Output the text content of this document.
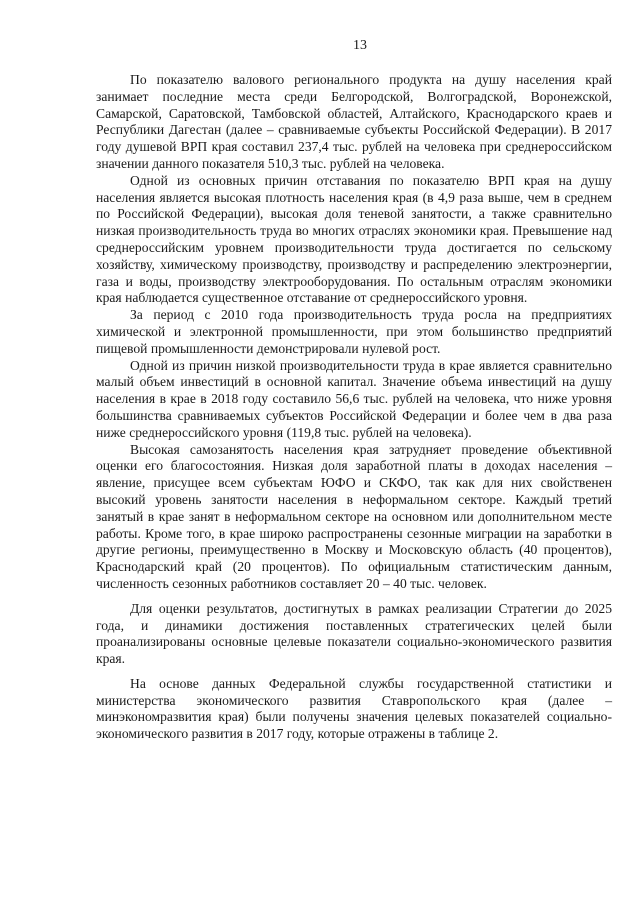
13

По показателю валового регионального продукта на душу населения край занимает последние места среди Белгородской, Волгоградской, Воронежской, Самарской, Саратовской, Тамбовской областей, Алтайского, Краснодарского краев и Республики Дагестан (далее – сравниваемые субъекты Российской Федерации). В 2017 году душевой ВРП края составил 237,4 тыс. рублей на человека при среднероссийском значении данного показателя 510,3 тыс. рублей на человека.

Одной из основных причин отставания по показателю ВРП края на душу населения является высокая плотность населения края (в 4,9 раза выше, чем в среднем по Российской Федерации), высокая доля теневой занятости, а также сравнительно низкая производительность труда во многих отраслях экономики края. Превышение над среднероссийским уровнем производительности труда достигается по сельскому хозяйству, химическому производству, производству и распределению электроэнергии, газа и воды, производству электрооборудования. По остальным отраслям экономики края наблюдается существенное отставание от среднероссийского уровня.

За период с 2010 года производительность труда росла на предприятиях химической и электронной промышленности, при этом большинство предприятий пищевой промышленности демонстрировали нулевой рост.

Одной из причин низкой производительности труда в крае является сравнительно малый объем инвестиций в основной капитал. Значение объема инвестиций на душу населения в крае в 2018 году составило 56,6 тыс. рублей на человека, что ниже уровня большинства сравниваемых субъектов Российской Федерации и более чем в два раза ниже среднероссийского уровня (119,8 тыс. рублей на человека).

Высокая самозанятость населения края затрудняет проведение объективной оценки его благосостояния. Низкая доля заработной платы в доходах населения – явление, присущее всем субъектам ЮФО и СКФО, так как для них свойственен высокий уровень занятости населения в неформальном секторе. Каждый третий занятый в крае занят в неформальном секторе на основном или дополнительном месте работы. Кроме того, в крае широко распространены сезонные миграции на заработки в другие регионы, преимущественно в Москву и Московскую область (40 процентов), Краснодарский край (20 процентов). По официальным статистическим данным, численность сезонных работников составляет 20 – 40 тыс. человек.

Для оценки результатов, достигнутых в рамках реализации Стратегии до 2025 года, и динамики достижения поставленных стратегических целей были проанализированы основные целевые показатели социально-экономического развития края.

На основе данных Федеральной службы государственной статистики и министерства экономического развития Ставропольского края (далее – минэкономразвития края) были получены значения целевых показателей социально-экономического развития в 2017 году, которые отражены в таблице 2.
